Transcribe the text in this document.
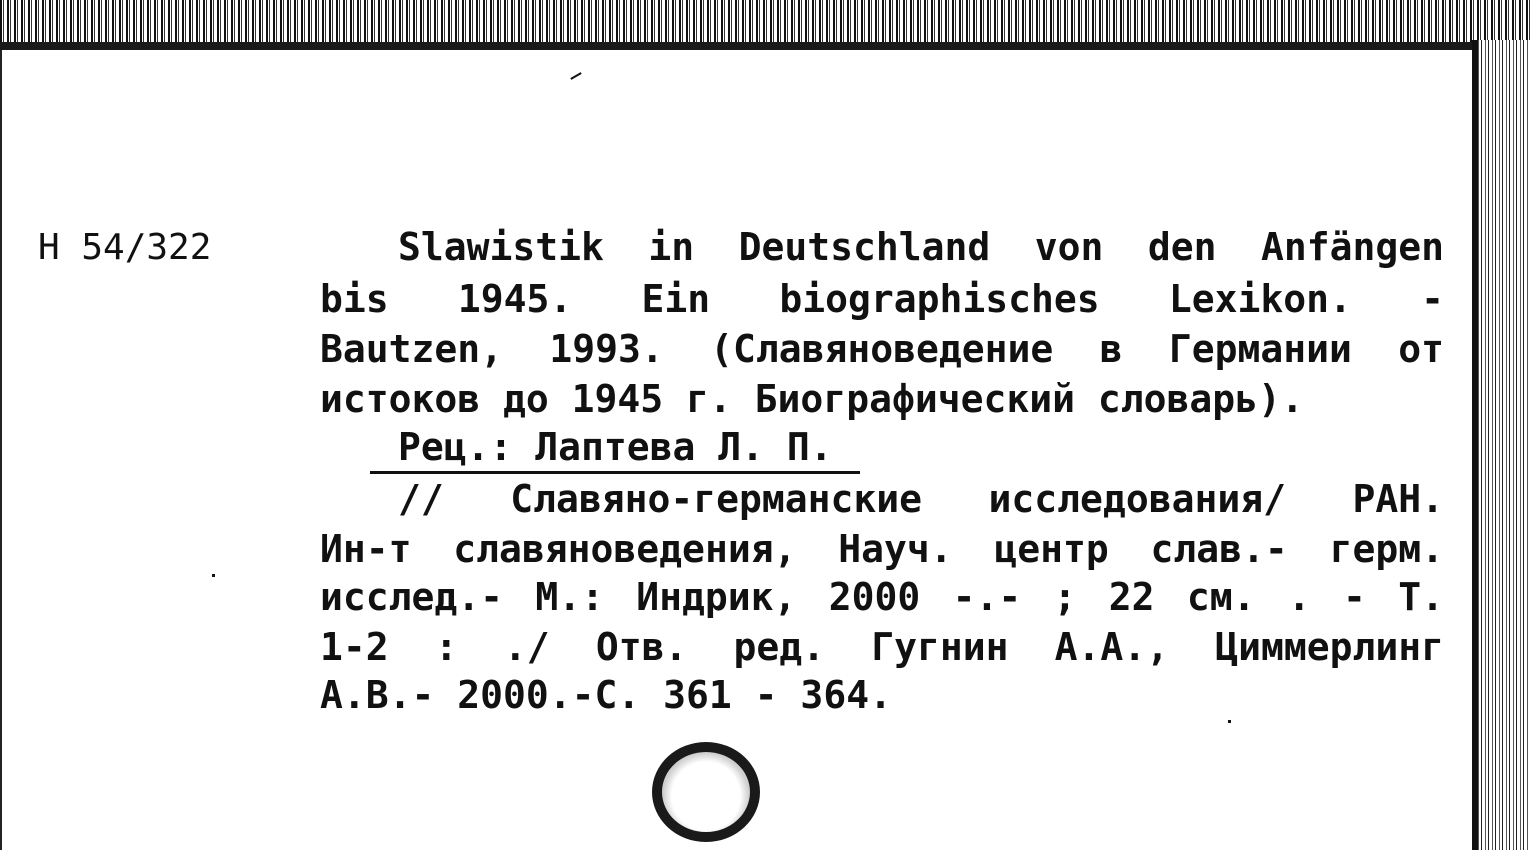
Н 54/322	Slawistik in Deutschland von den Anfängen
bis 1945. Ein biographisches Lexikon. -
Bautzen, 1993. (Славяноведение в Германии от
истоков до 1945 г. Биографический словарь).
Рец.: Лаптева Л. П.
// Славяно-германские исследования/ РАН.
Ин-т славяноведения, Науч. центр слав.- герм.
исслед.- М.: Индрик, 2000 -.- ; 22 см. . - Т.
1-2 : ./ Отв. ред. Гугнин А.А., Циммерлинг
А.В.- 2000.-С. 361 - 364.
